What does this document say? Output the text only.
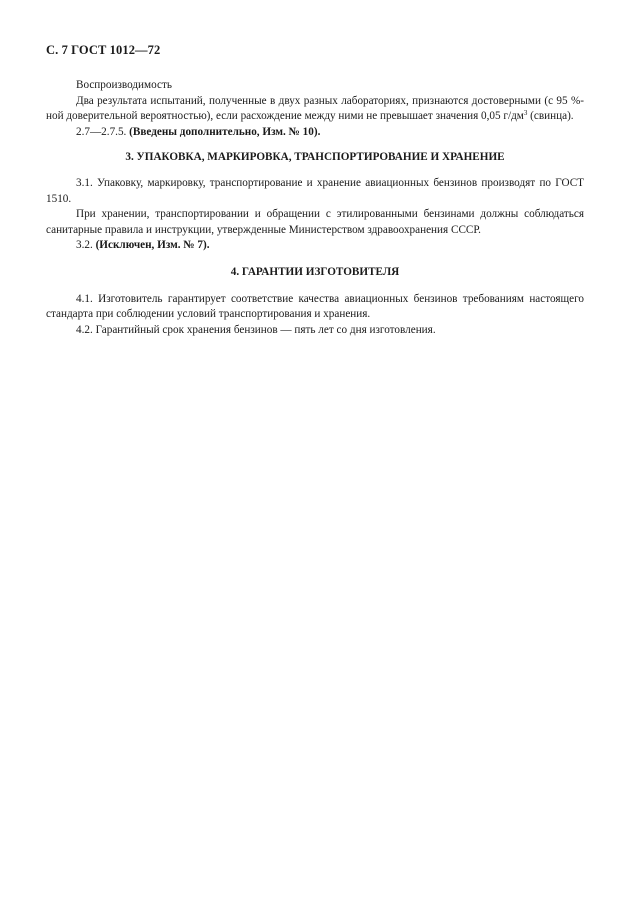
С. 7 ГОСТ 1012—72

Воспроизводимость

Два результата испытаний, полученные в двух разных лабораториях, признаются достоверными (с 95 %-ной доверительной вероятностью), если расхождение между ними не превышает значения 0,05 $г/дм^3$ (свинца).

2.7—2.7.5. (Введены дополнительно, Изм. № 10).

3. УПАКОВКА, МАРКИРОВКА, ТРАНСПОРТИРОВАНИЕ И ХРАНЕНИЕ

3.1. Упаковку, маркировку, транспортирование и хранение авиационных бензинов производят по ГОСТ 1510.

При хранении, транспортировании и обращении с этилированными бензинами должны соблюдаться санитарные правила и инструкции, утвержденные Министерством здравоохранения СССР.

3.2. (Исключен, Изм. № 7).

4. ГАРАНТИИ ИЗГОТОВИТЕЛЯ

4.1. Изготовитель гарантирует соответствие качества авиационных бензинов требованиям настоящего стандарта при соблюдении условий транспортирования и хранения.

4.2. Гарантийный срок хранения бензинов — пять лет со дня изготовления.
